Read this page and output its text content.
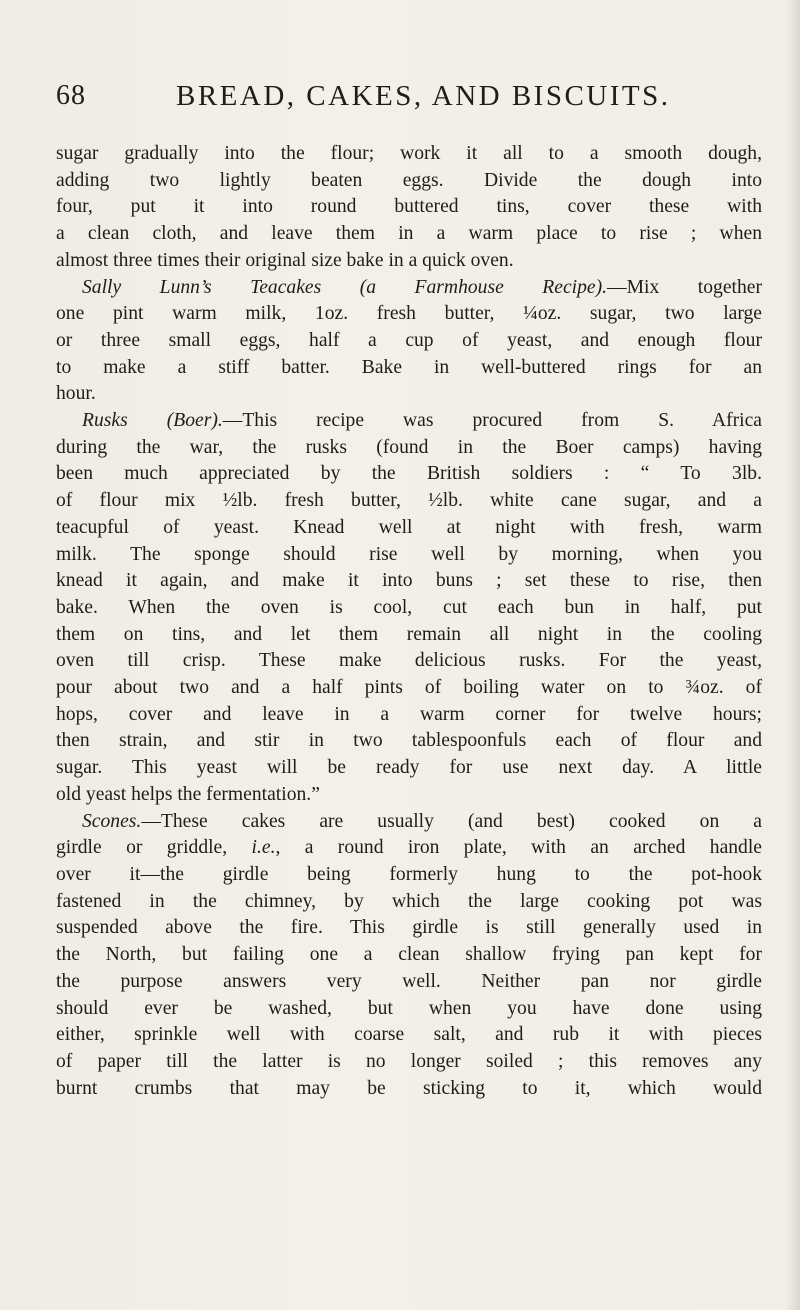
68	BREAD, CAKES, AND BISCUITS.
sugar gradually into the flour; work it all to a smooth dough,
adding two lightly beaten eggs. Divide the dough into
four, put it into round buttered tins, cover these with
a clean cloth, and leave them in a warm place to rise ; when
almost three times their original size bake in a quick oven.
Sally Lunn’s Teacakes (a Farmhouse Recipe).—Mix together
one pint warm milk, 1oz. fresh butter, ¼oz. sugar, two large
or three small eggs, half a cup of yeast, and enough flour
to make a stiff batter. Bake in well-buttered rings for an
hour.
Rusks (Boer).—This recipe was procured from S. Africa
during the war, the rusks (found in the Boer camps) having
been much appreciated by the British soldiers : “ To 3lb.
of flour mix ½lb. fresh butter, ½lb. white cane sugar, and a
teacupful of yeast. Knead well at night with fresh, warm
milk. The sponge should rise well by morning, when you
knead it again, and make it into buns ; set these to rise, then
bake. When the oven is cool, cut each bun in half, put
them on tins, and let them remain all night in the cooling
oven till crisp. These make delicious rusks. For the yeast,
pour about two and a half pints of boiling water on to ¾oz. of
hops, cover and leave in a warm corner for twelve hours;
then strain, and stir in two tablespoonfuls each of flour and
sugar. This yeast will be ready for use next day. A little
old yeast helps the fermentation.”
Scones.—These cakes are usually (and best) cooked on a
girdle or griddle, i.e., a round iron plate, with an arched handle
over it—the girdle being formerly hung to the pot-hook
fastened in the chimney, by which the large cooking pot was
suspended above the fire. This girdle is still generally used in
the North, but failing one a clean shallow frying pan kept for
the purpose answers very well. Neither pan nor girdle
should ever be washed, but when you have done using
either, sprinkle well with coarse salt, and rub it with pieces
of paper till the latter is no longer soiled ; this removes any
burnt crumbs that may be sticking to it, which would
